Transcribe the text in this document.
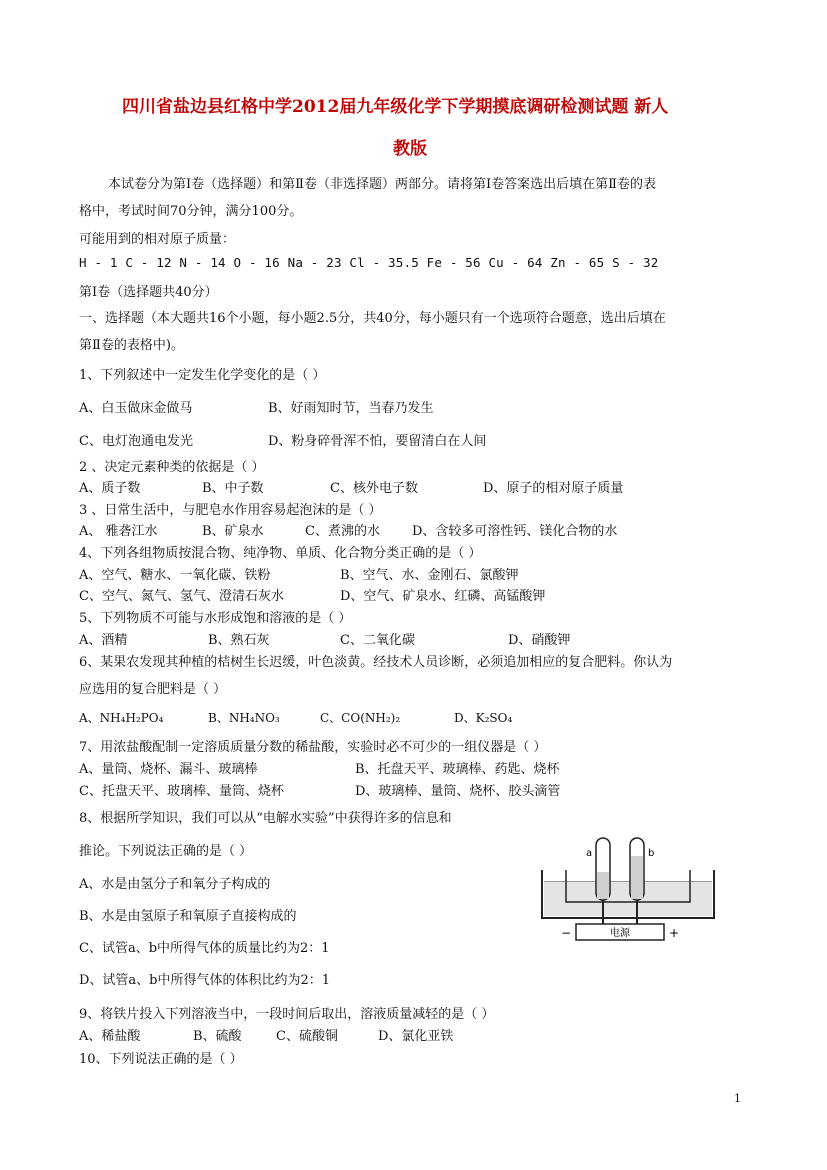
四川省盐边县红格中学2012届九年级化学下学期摸底调研检测试题 新人
教版
本试卷分为第Ⅰ卷（选择题）和第Ⅱ卷（非选择题）两部分。请将第Ⅰ卷答案选出后填在第Ⅱ卷的表
格中，考试时间70分钟，满分100分。
可能用到的相对原子质量：
H - 1 C - 12 N - 14 O - 16 Na - 23 Cl - 35.5 Fe - 56 Cu - 64 Zn - 65 S - 32
第Ⅰ卷（选择题共40分）
一、选择题（本大题共16个小题，每小题2.5分，共40分，每小题只有一个选项符合题意，选出后填在
第Ⅱ卷的表格中)。
1、下列叙述中一定发生化学变化的是（ ）
A、白玉做床金做马	B、好雨知时节，当春乃发生
C、电灯泡通电发光	D、粉身碎骨浑不怕，要留清白在人间
2 、决定元素种类的依据是（ ）
A、质子数	B、中子数	C、核外电子数	D、原子的相对原子质量
3 、日常生活中，与肥皂水作用容易起泡沫的是（ ）
A、 雅砻江水	B、矿泉水	C、煮沸的水 D、含较多可溶性钙、镁化合物的水
4、下列各组物质按混合物、纯净物、单质、化合物分类正确的是（ ）
A、空气、糖水、一氧化碳、铁粉	B、空气、水、金刚石、氯酸钾
C、空气、氮气、氢气、澄清石灰水	D、空气、矿泉水、红磷、高锰酸钾
5、下列物质不可能与水形成饱和溶液的是（ ）
A、酒精	B、熟石灰	C、二氧化碳	D、硝酸钾
6、某果农发现其种植的桔树生长迟缓，叶色淡黄。经技术人员诊断，必须追加相应的复合肥料。你认为
应选用的复合肥料是（ ）
A、NH₄H₂PO₄	B、NH₄NO₃	C、CO(NH₂)₂	D、K₂SO₄
7、用浓盐酸配制一定溶质质量分数的稀盐酸，实验时必不可少的一组仪器是（ ）
A、量筒、烧杯、漏斗、玻璃棒	B、托盘天平、玻璃棒、药匙、烧杯
C、托盘天平、玻璃棒、量筒、烧杯	D、玻璃棒、量筒、烧杯、胶头滴管
8、根据所学知识，我们可以从“电解水实验”中获得许多的信息和
推论。下列说法正确的是（ ）
A、水是由氢分子和氧分子构成的
B、水是由氢原子和氧原子直接构成的
C、试管a、b中所得气体的质量比约为2：1
D、试管a、b中所得气体的体积比约为2：1
电源
−	+
a	b
9、将铁片投入下列溶液当中，一段时间后取出，溶液质量减轻的是（ ）
A、稀盐酸	B、硫酸	C、硫酸铜	D、氯化亚铁
10、下列说法正确的是（ ）
1
